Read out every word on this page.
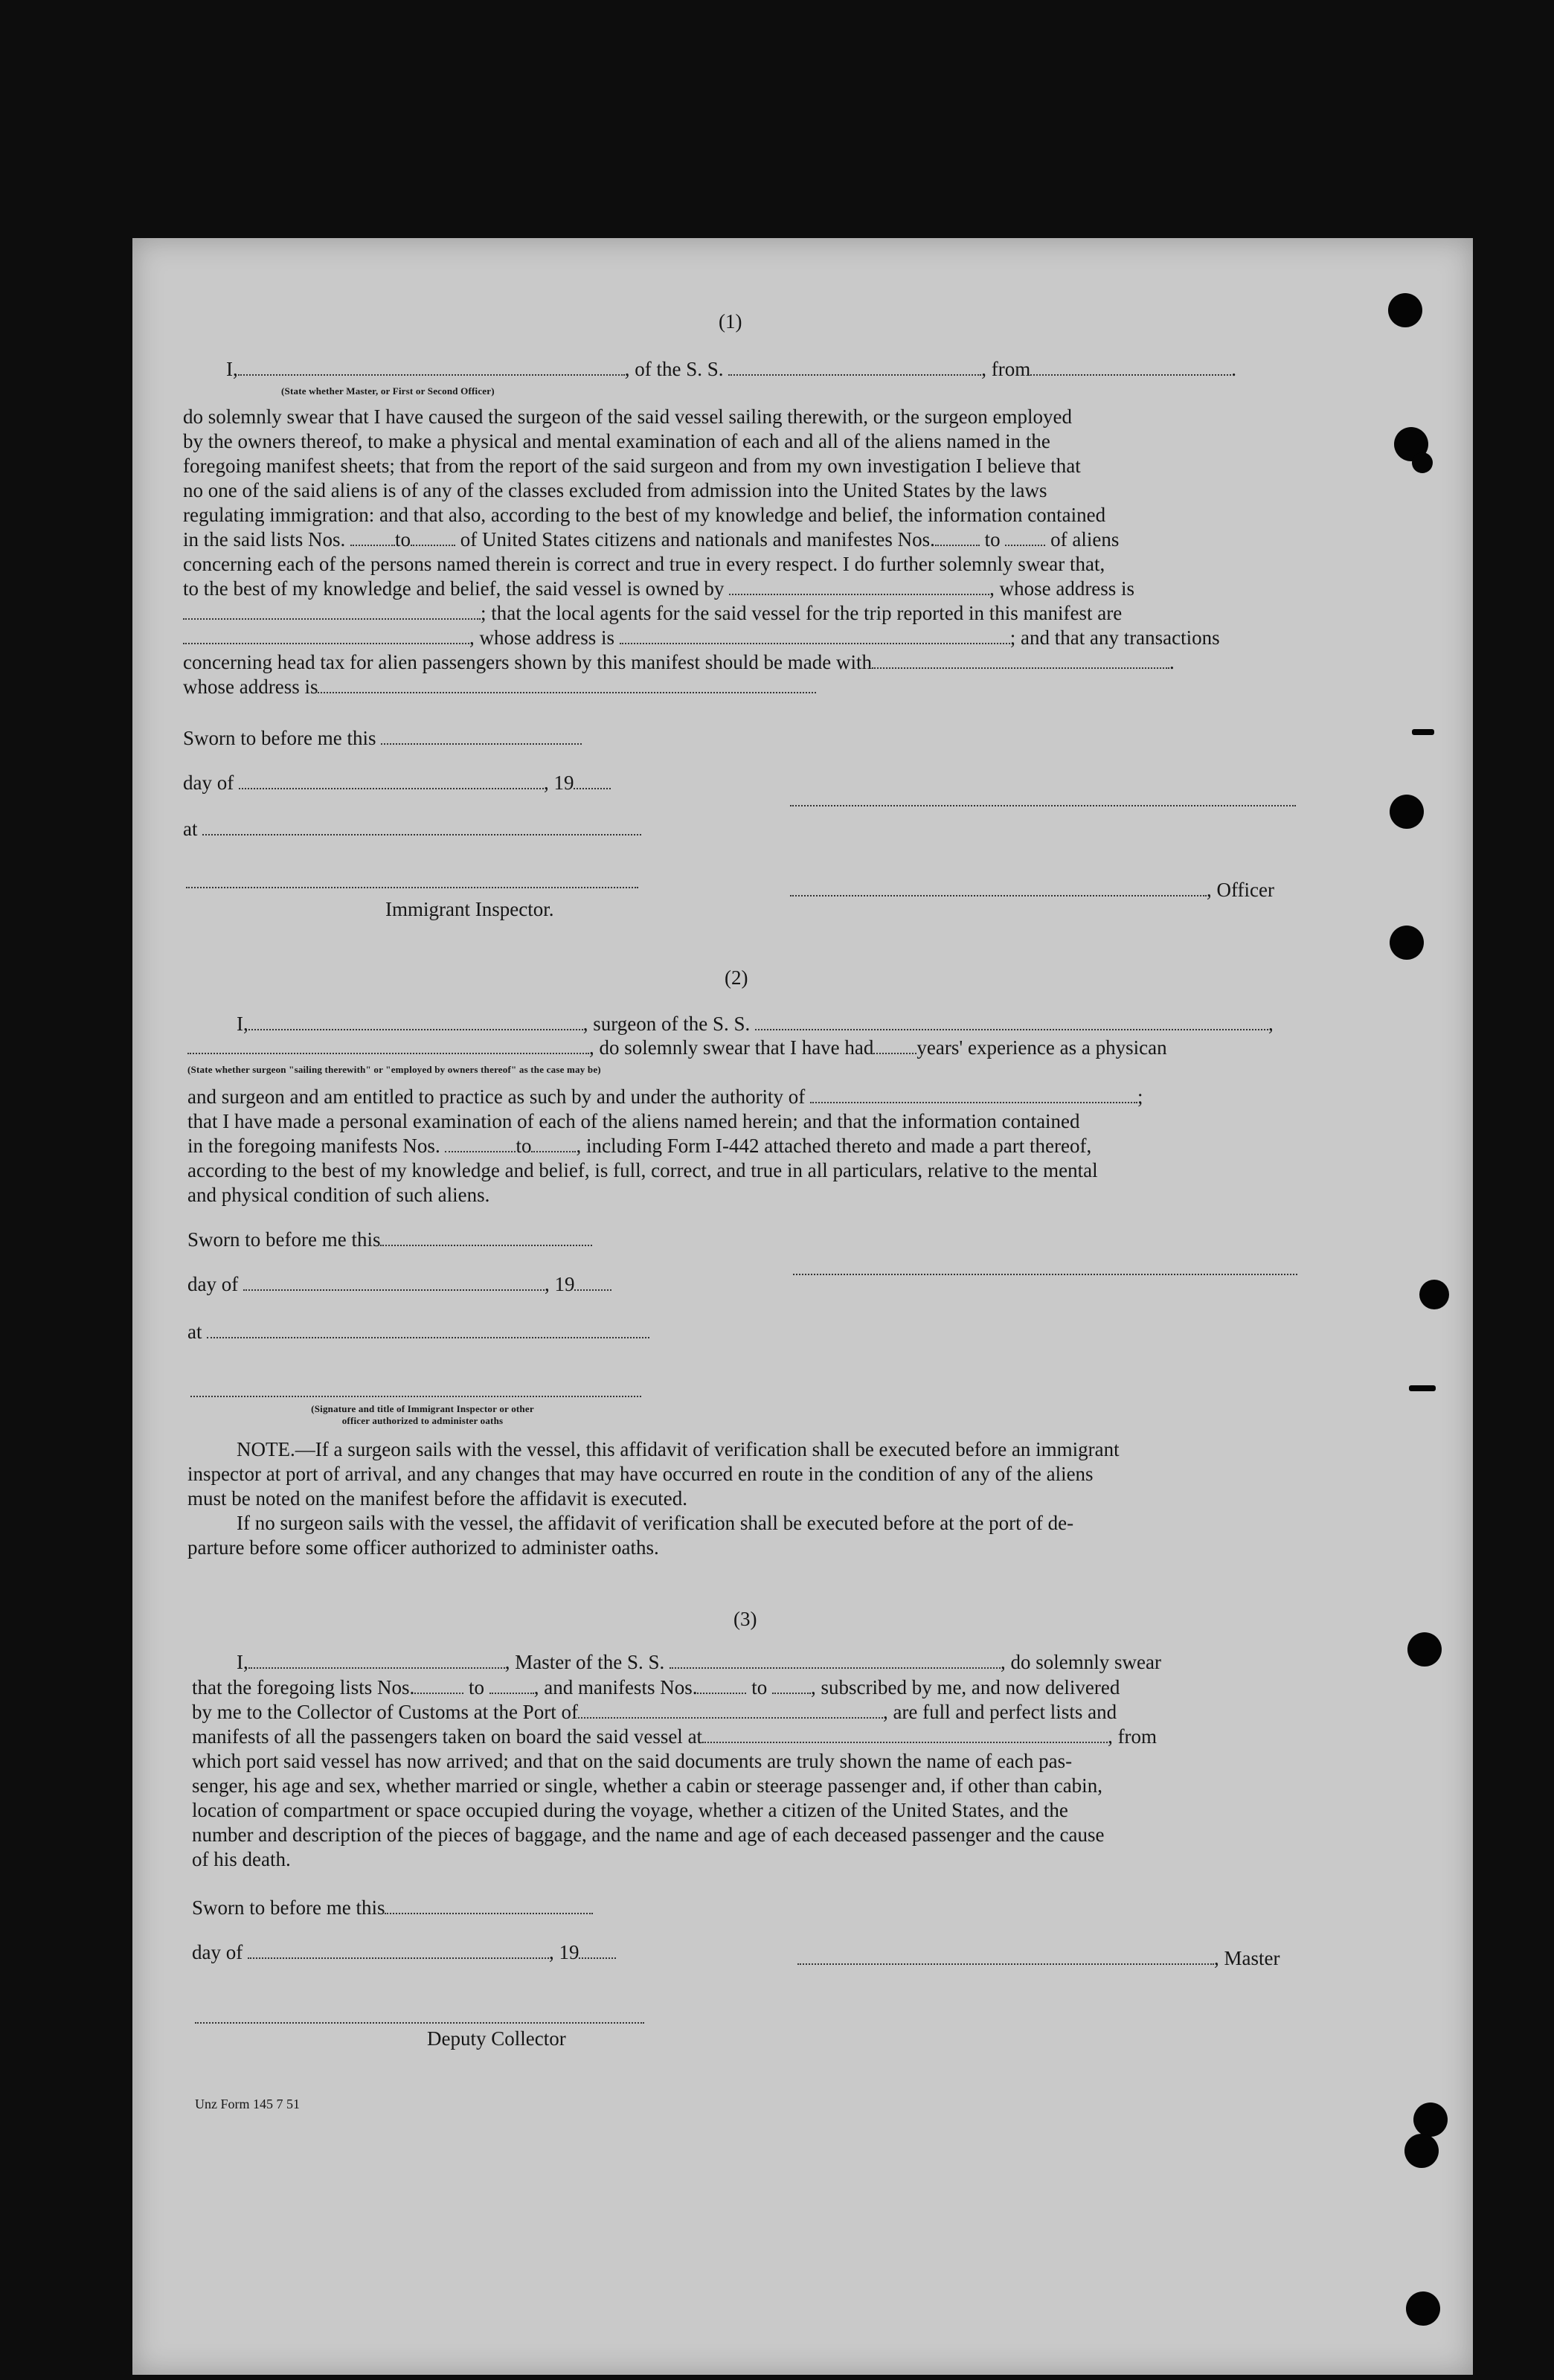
(1)
I,	, of the S. S.	, from	.
(State whether Master, or First or Second Officer)
do solemnly swear that I have caused the surgeon of the said vessel sailing therewith, or the surgeon employed
by the owners thereof, to make a physical and mental examination of each and all of the aliens named in the
foregoing manifest sheets; that from the report of the said surgeon and from my own investigation I believe that
no one of the said aliens is of any of the classes excluded from admission into the United States by the laws
regulating immigration: and that also, according to the best of my knowledge and belief, the information contained
in the said lists Nos. to of United States citizens and nationals and manifestes Nos. to	of aliens
concerning each of the persons named therein is correct and true in every respect. I do further solemnly swear that,
to the best of my knowledge and belief, the said vessel is owned by	, whose address is
; that the local agents for the said vessel for the trip reported in this manifest are
, whose address is	; and that any transactions
concerning head tax for alien passengers shown by this manifest should be made with	.
whose address is
Sworn to before me this
day of	, 19
at
, Officer
Immigrant Inspector.
(2)
I,	, surgeon of the S. S.	,
, do solemnly swear that I have had years' experience as a physican
(State whether surgeon "sailing therewith" or "employed by owners thereof" as the case may be)
and surgeon and am entitled to practice as such by and under the authority of	;
that I have made a personal examination of each of the aliens named herein; and that the information contained
in the foregoing manifests Nos.	to , including Form I-442 attached thereto and made a part thereof,
according to the best of my knowledge and belief, is full, correct, and true in all particulars, relative to the mental
and physical condition of such aliens.
Sworn to before me this
day of	, 19
at
(Signature and title of Immigrant Inspector or other
officer authorized to administer oaths
NOTE.—If a surgeon sails with the vessel, this affidavit of verification shall be executed before an immigrant
inspector at port of arrival, and any changes that may have occurred en route in the condition of any of the aliens
must be noted on the manifest before the affidavit is executed.
If no surgeon sails with the vessel, the affidavit of verification shall be executed before at the port of de-
parture before some officer authorized to administer oaths.
(3)
I,	, Master of the S. S.	, do solemnly swear
that the foregoing lists Nos.	to , and manifests Nos.	to , subscribed by me, and now delivered
by me to the Collector of Customs at the Port of	, are full and perfect lists and
manifests of all the passengers taken on board the said vessel at	, from
which port said vessel has now arrived; and that on the said documents are truly shown the name of each pas-
senger, his age and sex, whether married or single, whether a cabin or steerage passenger and, if other than cabin,
location of compartment or space occupied during the voyage, whether a citizen of the United States, and the
number and description of the pieces of baggage, and the name and age of each deceased passenger and the cause
of his death.
Sworn to before me this
day of	, 19	, Master
Deputy Collector
Unz Form 145 7 51
